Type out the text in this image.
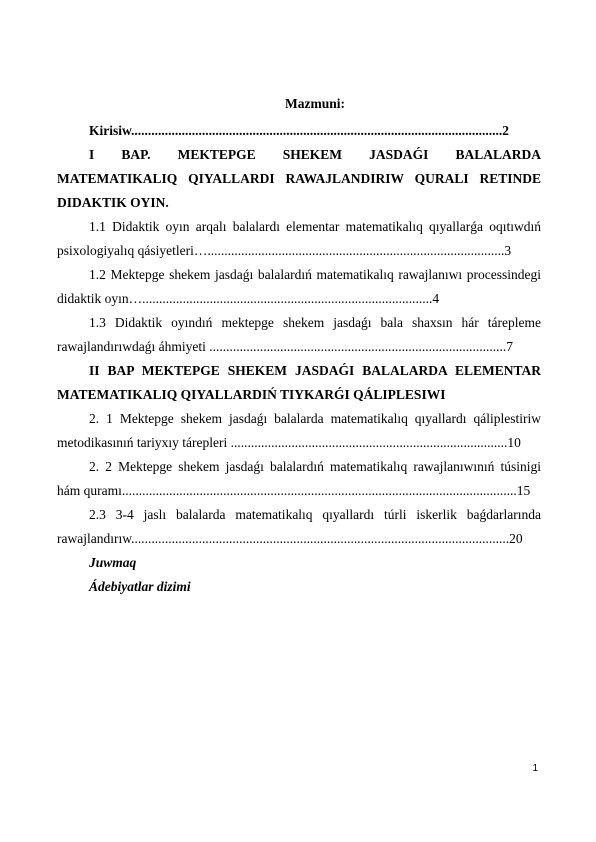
Mazmuni:
Kirisiw..............................................................................................................2
I BAP. MEKTEPGE SHEKEM JASDAǴI BALALARDA MATEMATIKALIQ QIYALLARDI RAWAJLANDIRIW QURALI RETINDE DIDAKTIK OYIN.
1.1 Didaktik oyın arqalı balalardı elementar matematikalıq qıyallarǵa oqıtıwdıń psixologiyalıq qásiyetleri…........................................................................................3
1.2 Mektepge shekem jasdaǵı balalardıń matematikalıq rawajlanıwı processindegi didaktik oyın…......................................................................................4
1.3 Didaktik oyındıń mektepge shekem jasdaǵı bala shaxsın hár tárepleme rawajlandırıwdaǵı áhmiyeti ........................................................................................7
II BAP MEKTEPGE SHEKEM JASDAǴI BALALARDA ELEMENTAR MATEMATIKALIQ QIYALLARDIŃ TIYKARǴI QÁLIPLESIWI
2. 1 Mektepge shekem jasdaǵı balalarda matematikalıq qıyallardı qáliplestiriw metodikasınıń tariyxıy tárepleri ..................................................................................10
2. 2 Mektepge shekem jasdaǵı balalardıń matematikalıq rawajlanıwınıń túsinigi hám quramı.....................................................................................................................15
2.3 3-4 jaslı balalarda matematikalıq qıyallardı túrli iskerlik baǵdarlarında rawajlandırıw................................................................................................................20
Juwmaq
Ádebiyatlar dizimi
1
